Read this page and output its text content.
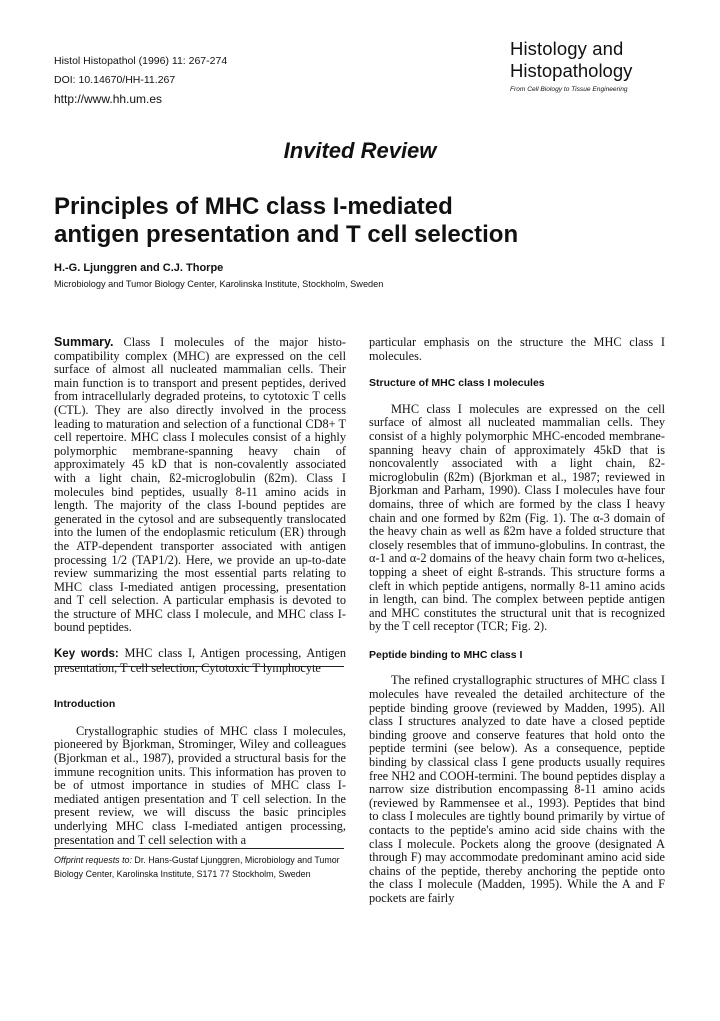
Histol Histopathol (1996) 11: 267-274
DOI: 10.14670/HH-11.267
http://www.hh.um.es
Histology and
Histopathology
From Cell Biology to Tissue Engineering
Invited Review
Principles of MHC class I-mediated
antigen presentation and T cell selection
H.-G. Ljunggren and C.J. Thorpe
Microbiology and Tumor Biology Center, Karolinska Institute, Stockholm, Sweden

Summary. Class I molecules of the major histo-compatibility complex (MHC) are expressed on the cell surface of almost all nucleated mammalian cells. Their main function is to transport and present peptides, derived from intracellularly degraded proteins, to cytotoxic T cells (CTL). They are also directly involved in the process leading to maturation and selection of a functional CD8+ T cell repertoire. MHC class I molecules consist of a highly polymorphic membrane-spanning heavy chain of approximately 45 kD that is non-covalently associated with a light chain, ß2-microglobulin (ß2m). Class I molecules bind peptides, usually 8-11 amino acids in length. The majority of the class I-bound peptides are generated in the cytosol and are subsequently translocated into the lumen of the endoplasmic reticulum (ER) through the ATP-dependent transporter associated with antigen processing 1/2 (TAP1/2). Here, we provide an up-to-date review summarizing the most essential parts relating to MHC class I-mediated antigen processing, presentation and T cell selection. A particular emphasis is devoted to the structure of MHC class I molecule, and MHC class I-bound peptides.

Key words: MHC class I, Antigen processing, Antigen presentation, T cell selection, Cytotoxic T lymphocyte

Introduction

Crystallographic studies of MHC class I molecules, pioneered by Bjorkman, Strominger, Wiley and colleagues (Bjorkman et al., 1987), provided a structural basis for the immune recognition units. This information has proven to be of utmost importance in studies of MHC class I-mediated antigen presentation and T cell selection. In the present review, we will discuss the basic principles underlying MHC class I-mediated antigen processing, presentation and T cell selection with a

Offprint requests to: Dr. Hans-Gustaf Ljunggren, Microbiology and Tumor Biology Center, Karolinska Institute, S171 77 Stockholm, Sweden

particular emphasis on the structure the MHC class I molecules.

Structure of MHC class I molecules

MHC class I molecules are expressed on the cell surface of almost all nucleated mammalian cells. They consist of a highly polymorphic MHC-encoded membrane-spanning heavy chain of approximately 45kD that is noncovalently associated with a light chain, ß2-microglobulin (ß2m) (Bjorkman et al., 1987; reviewed in Bjorkman and Parham, 1990). Class I molecules have four domains, three of which are formed by the class I heavy chain and one formed by ß2m (Fig. 1). The α-3 domain of the heavy chain as well as ß2m have a folded structure that closely resembles that of immuno-globulins. In contrast, the α-1 and α-2 domains of the heavy chain form two α-helices, topping a sheet of eight ß-strands. This structure forms a cleft in which peptide antigens, normally 8-11 amino acids in length, can bind. The complex between peptide antigen and MHC constitutes the structural unit that is recognized by the T cell receptor (TCR; Fig. 2).

Peptide binding to MHC class I

The refined crystallographic structures of MHC class I molecules have revealed the detailed architecture of the peptide binding groove (reviewed by Madden, 1995). All class I structures analyzed to date have a closed peptide binding groove and conserve features that hold onto the peptide termini (see below). As a consequence, peptide binding by classical class I gene products usually requires free NH2 and COOH-termini. The bound peptides display a narrow size distribution encompassing 8-11 amino acids (reviewed by Rammensee et al., 1993). Peptides that bind to class I molecules are tightly bound primarily by virtue of contacts to the peptide's amino acid side chains with the class I molecule. Pockets along the groove (designated A through F) may accommodate predominant amino acid side chains of the peptide, thereby anchoring the peptide onto the class I molecule (Madden, 1995). While the A and F pockets are fairly
